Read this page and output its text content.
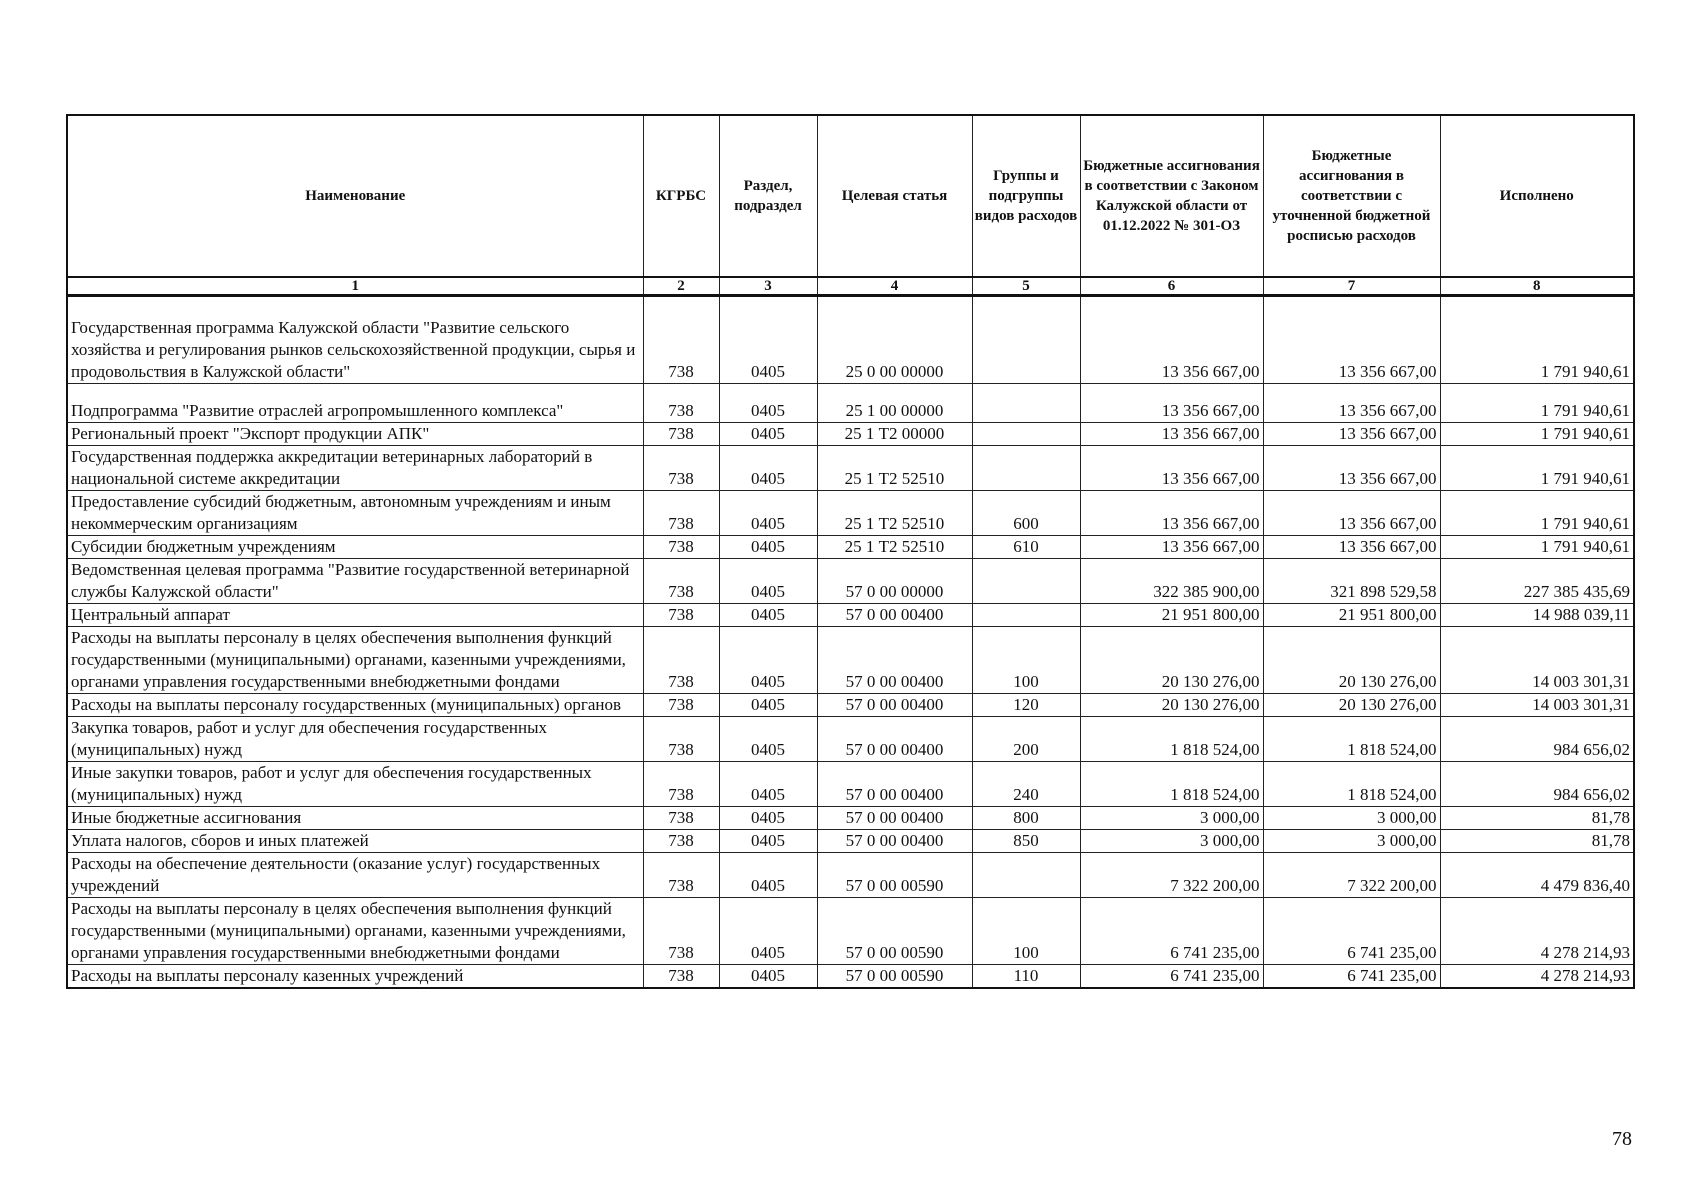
Наименование	КГРБС	Раздел, подраздел	Целевая статья	Группы и подгруппы видов расходов	Бюджетные ассигнования в соответствии с Законом Калужской области от 01.12.2022 № 301-ОЗ	Бюджетные ассигнования в соответствии с уточненной бюджетной росписью расходов	Исполнено
1	2	3	4	5	6	7	8
Государственная программа Калужской области "Развитие сельского хозяйства и регулирования рынков сельскохозяйственной продукции, сырья и продовольствия в Калужской области"	738	0405	25 0 00 00000		13 356 667,00	13 356 667,00	1 791 940,61
Подпрограмма "Развитие отраслей агропромышленного комплекса"	738	0405	25 1 00 00000		13 356 667,00	13 356 667,00	1 791 940,61
Региональный проект "Экспорт продукции АПК"	738	0405	25 1 Т2 00000		13 356 667,00	13 356 667,00	1 791 940,61
Государственная поддержка аккредитации ветеринарных лабораторий в национальной системе аккредитации	738	0405	25 1 Т2 52510		13 356 667,00	13 356 667,00	1 791 940,61
Предоставление субсидий бюджетным, автономным учреждениям и иным некоммерческим организациям	738	0405	25 1 Т2 52510	600	13 356 667,00	13 356 667,00	1 791 940,61
Субсидии бюджетным учреждениям	738	0405	25 1 Т2 52510	610	13 356 667,00	13 356 667,00	1 791 940,61
Ведомственная целевая программа "Развитие государственной ветеринарной службы Калужской области"	738	0405	57 0 00 00000		322 385 900,00	321 898 529,58	227 385 435,69
Центральный аппарат	738	0405	57 0 00 00400		21 951 800,00	21 951 800,00	14 988 039,11
Расходы на выплаты персоналу в целях обеспечения выполнения функций государственными (муниципальными) органами, казенными учреждениями, органами управления государственными внебюджетными фондами	738	0405	57 0 00 00400	100	20 130 276,00	20 130 276,00	14 003 301,31
Расходы на выплаты персоналу государственных (муниципальных) органов	738	0405	57 0 00 00400	120	20 130 276,00	20 130 276,00	14 003 301,31
Закупка товаров, работ и услуг для обеспечения государственных (муниципальных) нужд	738	0405	57 0 00 00400	200	1 818 524,00	1 818 524,00	984 656,02
Иные закупки товаров, работ и услуг для обеспечения государственных (муниципальных) нужд	738	0405	57 0 00 00400	240	1 818 524,00	1 818 524,00	984 656,02
Иные бюджетные ассигнования	738	0405	57 0 00 00400	800	3 000,00	3 000,00	81,78
Уплата налогов, сборов и иных платежей	738	0405	57 0 00 00400	850	3 000,00	3 000,00	81,78
Расходы на обеспечение деятельности (оказание услуг) государственных учреждений	738	0405	57 0 00 00590		7 322 200,00	7 322 200,00	4 479 836,40
Расходы на выплаты персоналу в целях обеспечения выполнения функций государственными (муниципальными) органами, казенными учреждениями, органами управления государственными внебюджетными фондами	738	0405	57 0 00 00590	100	6 741 235,00	6 741 235,00	4 278 214,93
Расходы на выплаты персоналу казенных учреждений	738	0405	57 0 00 00590	110	6 741 235,00	6 741 235,00	4 278 214,93
78
